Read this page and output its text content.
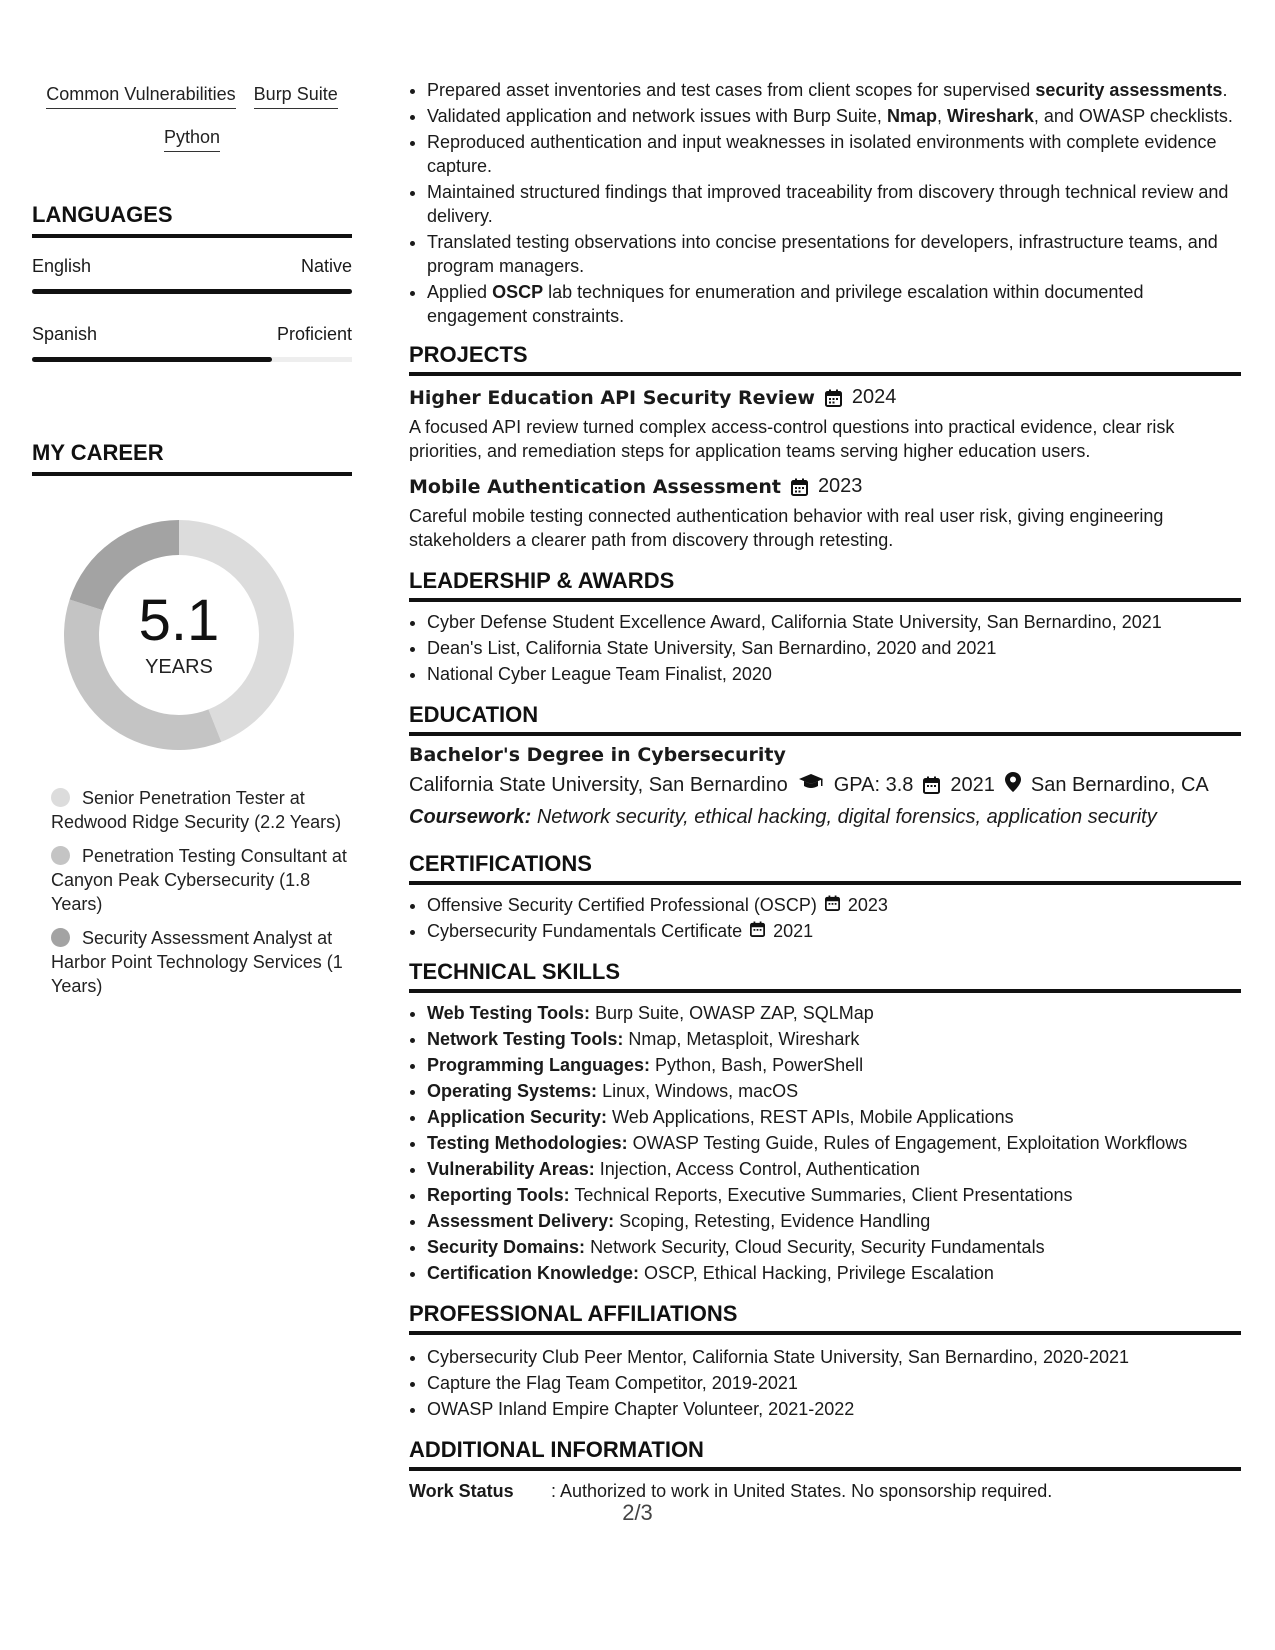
Common Vulnerabilities Burp Suite
Python
LANGUAGES
English	Native
Spanish	Proficient
MY CAREER
5.1
YEARS
Senior Penetration Tester at Redwood Ridge Security (2.2 Years)
Penetration Testing Consultant at Canyon Peak Cybersecurity (1.8 Years)
Security Assessment Analyst at Harbor Point Technology Services (1 Years)
• Prepared asset inventories and test cases from client scopes for supervised security assessments.
• Validated application and network issues with Burp Suite, Nmap, Wireshark, and OWASP checklists.
• Reproduced authentication and input weaknesses in isolated environments with complete evidence capture.
• Maintained structured findings that improved traceability from discovery through technical review and delivery.
• Translated testing observations into concise presentations for developers, infrastructure teams, and program managers.
• Applied OSCP lab techniques for enumeration and privilege escalation within documented engagement constraints.
PROJECTS
Higher Education API Security Review 2024
A focused API review turned complex access-control questions into practical evidence, clear risk priorities, and remediation steps for application teams serving higher education users.
Mobile Authentication Assessment 2023
Careful mobile testing connected authentication behavior with real user risk, giving engineering stakeholders a clearer path from discovery through retesting.
LEADERSHIP & AWARDS
• Cyber Defense Student Excellence Award, California State University, San Bernardino, 2021
• Dean's List, California State University, San Bernardino, 2020 and 2021
• National Cyber League Team Finalist, 2020
EDUCATION
Bachelor's Degree in Cybersecurity
California State University, San Bernardino GPA: 3.8 2021 San Bernardino, CA
Coursework: Network security, ethical hacking, digital forensics, application security
CERTIFICATIONS
• Offensive Security Certified Professional (OSCP) 2023
• Cybersecurity Fundamentals Certificate 2021
TECHNICAL SKILLS
• Web Testing Tools: Burp Suite, OWASP ZAP, SQLMap
• Network Testing Tools: Nmap, Metasploit, Wireshark
• Programming Languages: Python, Bash, PowerShell
• Operating Systems: Linux, Windows, macOS
• Application Security: Web Applications, REST APIs, Mobile Applications
• Testing Methodologies: OWASP Testing Guide, Rules of Engagement, Exploitation Workflows
• Vulnerability Areas: Injection, Access Control, Authentication
• Reporting Tools: Technical Reports, Executive Summaries, Client Presentations
• Assessment Delivery: Scoping, Retesting, Evidence Handling
• Security Domains: Network Security, Cloud Security, Security Fundamentals
• Certification Knowledge: OSCP, Ethical Hacking, Privilege Escalation
PROFESSIONAL AFFILIATIONS
• Cybersecurity Club Peer Mentor, California State University, San Bernardino, 2020-2021
• Capture the Flag Team Competitor, 2019-2021
• OWASP Inland Empire Chapter Volunteer, 2021-2022
ADDITIONAL INFORMATION
Work Status	: Authorized to work in United States. No sponsorship required.
2/3
